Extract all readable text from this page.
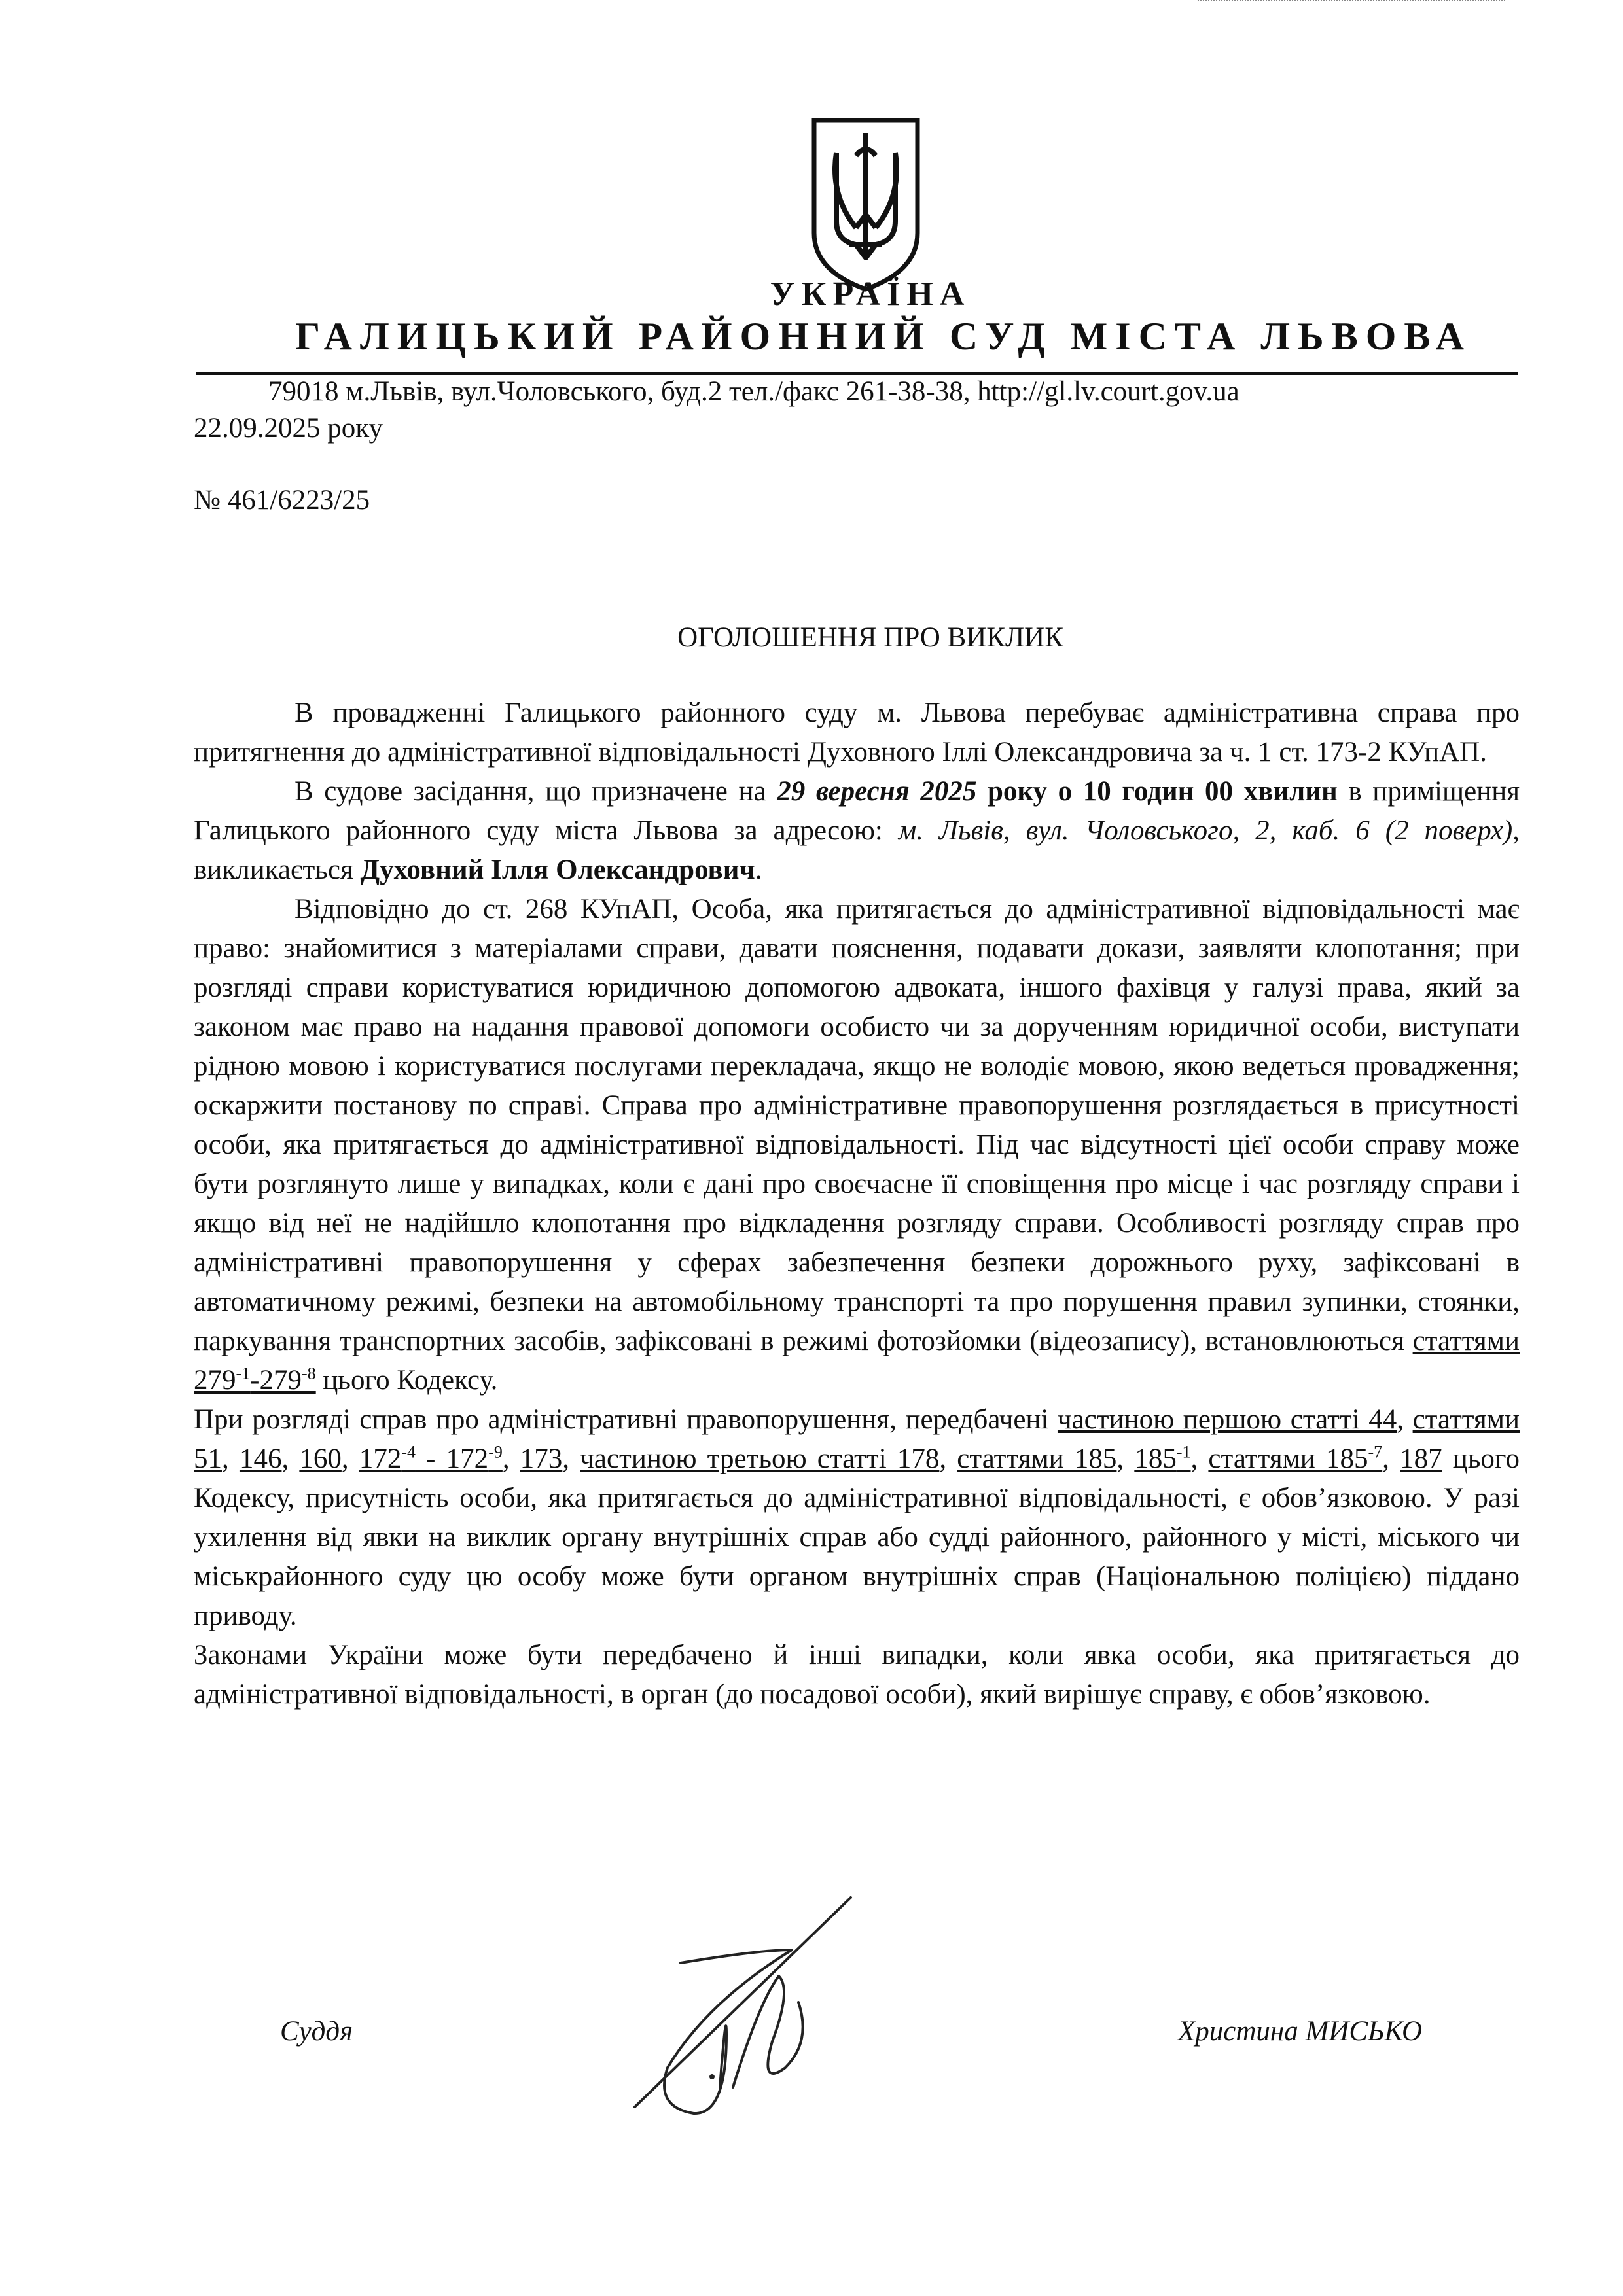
УКРАЇНА
ГАЛИЦЬКИЙ РАЙОННИЙ СУД МІСТА ЛЬВОВА
79018 м.Львів, вул.Чоловського, буд.2 тел./факс 261-38-38, http://gl.lv.court.gov.ua
22.09.2025 року
№ 461/6223/25
ОГОЛОШЕННЯ ПРО ВИКЛИК

В провадженні Галицького районного суду м. Львова перебуває адміністративна справа про притягнення до адміністративної відповідальності Духовного Іллі Олександровича за ч. 1 ст. 173-2 КУпАП.

В судове засідання, що призначене на 29 вересня 2025 року о 10 годин 00 хвилин в приміщення Галицького районного суду міста Львова за адресою: м. Львів, вул. Чоловського, 2, каб. 6 (2 поверх), викликається Духовний Ілля Олександрович.

Відповідно до ст. 268 КУпАП, Особа, яка притягається до адміністративної відповідальності має право: знайомитися з матеріалами справи, давати пояснення, подавати докази, заявляти клопотання; при розгляді справи користуватися юридичною допомогою адвоката, іншого фахівця у галузі права, який за законом має право на надання правової допомоги особисто чи за дорученням юридичної особи, виступати рідною мовою і користуватися послугами перекладача, якщо не володіє мовою, якою ведеться провадження; оскаржити постанову по справі. Справа про адміністративне правопорушення розглядається в присутності особи, яка притягається до адміністративної відповідальності. Під час відсутності цієї особи справу може бути розглянуто лише у випадках, коли є дані про своєчасне її сповіщення про місце і час розгляду справи і якщо від неї не надійшло клопотання про відкладення розгляду справи. Особливості розгляду справ про адміністративні правопорушення у сферах забезпечення безпеки дорожнього руху, зафіксовані в автоматичному режимі, безпеки на автомобільному транспорті та про порушення правил зупинки, стоянки, паркування транспортних засобів, зафіксовані в режимі фотозйомки (відеозапису), встановлюються статтями $279^{-1}-279^{-8}$ цього Кодексу.

При розгляді справ про адміністративні правопорушення, передбачені частиною першою статті 44, статтями 51, 146, 160, $172^{-4} - 172^{-9}$, 173, частиною третьою статті 178, статтями 185, $185^{-1}$, статтями $185^{-7}$, 187 цього Кодексу, присутність особи, яка притягається до адміністративної відповідальності, є обов’язковою. У разі ухилення від явки на виклик органу внутрішніх справ або судді районного, районного у місті, міського чи міськрайонного суду цю особу може бути органом внутрішніх справ (Національною поліцією) піддано приводу.

Законами України може бути передбачено й інші випадки, коли явка особи, яка притягається до адміністративної відповідальності, в орган (до посадової особи), який вирішує справу, є обов’язковою.

Суддя	Христина МИСЬКО
